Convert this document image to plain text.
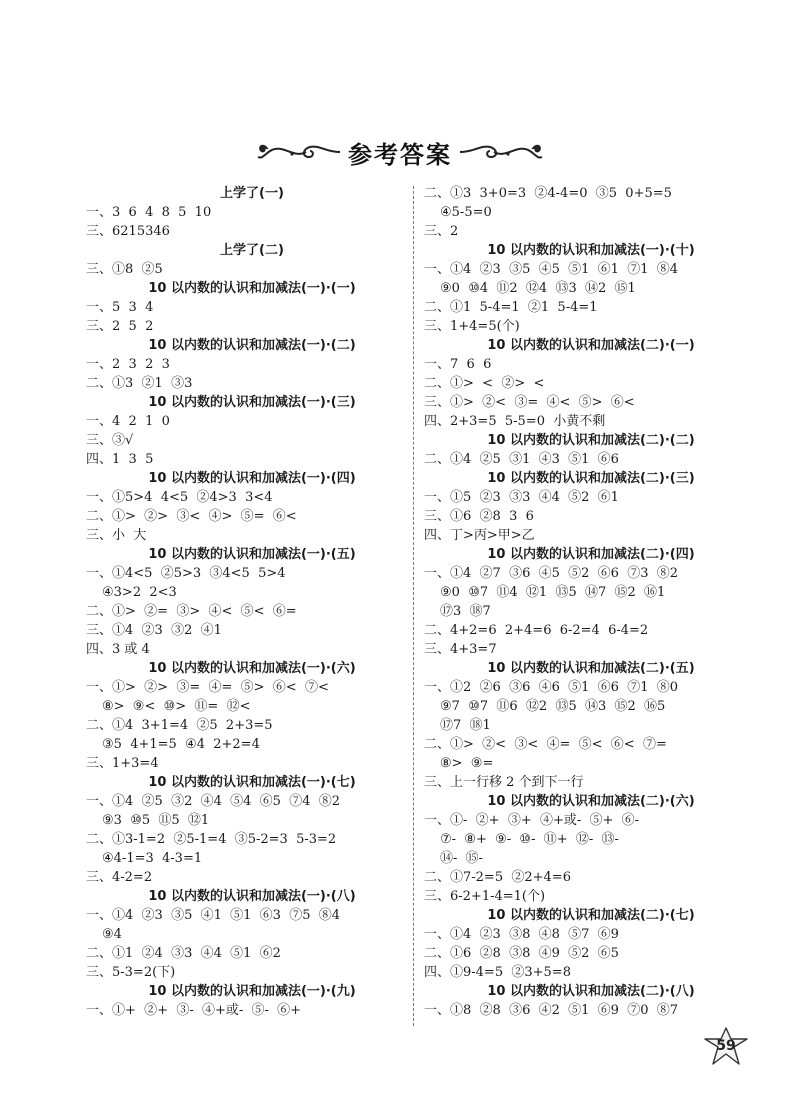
参考答案
上学了(一)
一、3  6  4  8  5  10
三、6215346
上学了(二)
三、①8  ②5
10 以内数的认识和加减法(一)·(一)
一、5  3  4
三、2  5  2
10 以内数的认识和加减法(一)·(二)
一、2  3  2  3
二、①3  ②1  ③3
10 以内数的认识和加减法(一)·(三)
一、4  2  1  0
三、③√
四、1  3  5
10 以内数的认识和加减法(一)·(四)
一、①5>4  4<5  ②4>3  3<4
二、①>  ②>  ③<  ④>  ⑤=  ⑥<
三、小  大
10 以内数的认识和加减法(一)·(五)
一、①4<5  ②5>3  ③4<5  5>4
④3>2  2<3
二、①>  ②=  ③>  ④<  ⑤<  ⑥=
三、①4  ②3  ③2  ④1
四、3 或 4
10 以内数的认识和加减法(一)·(六)
一、①>  ②>  ③=  ④=  ⑤>  ⑥<  ⑦<
⑧>  ⑨<  ⑩>  ⑪=  ⑫<
二、①4  3+1=4  ②5  2+3=5
③5  4+1=5  ④4  2+2=4
三、1+3=4
10 以内数的认识和加减法(一)·(七)
一、①4  ②5  ③2  ④4  ⑤4  ⑥5  ⑦4  ⑧2
⑨3  ⑩5  ⑪5  ⑫1
二、①3-1=2  ②5-1=4  ③5-2=3  5-3=2
④4-1=3  4-3=1
三、4-2=2
10 以内数的认识和加减法(一)·(八)
一、①4  ②3  ③5  ④1  ⑤1  ⑥3  ⑦5  ⑧4
⑨4
二、①1  ②4  ③3  ④4  ⑤1  ⑥2
三、5-3=2(下)
10 以内数的认识和加减法(一)·(九)
一、①+  ②+  ③-  ④+或-  ⑤-  ⑥+
二、①3  3+0=3  ②4-4=0  ③5  0+5=5
④5-5=0
三、2
10 以内数的认识和加减法(一)·(十)
一、①4  ②3  ③5  ④5  ⑤1  ⑥1  ⑦1  ⑧4
⑨0  ⑩4  ⑪2  ⑫4  ⑬3  ⑭2  ⑮1
二、①1  5-4=1  ②1  5-4=1
三、1+4=5(个)
10 以内数的认识和加减法(二)·(一)
一、7  6  6
二、①>  <  ②>  <
三、①>  ②<  ③=  ④<  ⑤>  ⑥<
四、2+3=5  5-5=0  小黄不剩
10 以内数的认识和加减法(二)·(二)
二、①4  ②5  ③1  ④3  ⑤1  ⑥6
10 以内数的认识和加减法(二)·(三)
一、①5  ②3  ③3  ④4  ⑤2  ⑥1
三、①6  ②8  3  6
四、丁>丙>甲>乙
10 以内数的认识和加减法(二)·(四)
一、①4  ②7  ③6  ④5  ⑤2  ⑥6  ⑦3  ⑧2
⑨0  ⑩7  ⑪4  ⑫1  ⑬5  ⑭7  ⑮2  ⑯1
⑰3  ⑱7
二、4+2=6  2+4=6  6-2=4  6-4=2
三、4+3=7
10 以内数的认识和加减法(二)·(五)
一、①2  ②6  ③6  ④6  ⑤1  ⑥6  ⑦1  ⑧0
⑨7  ⑩7  ⑪6  ⑫2  ⑬5  ⑭3  ⑮2  ⑯5
⑰7  ⑱1
二、①>  ②<  ③<  ④=  ⑤<  ⑥<  ⑦=
⑧>  ⑨=
三、上一行移 2 个到下一行
10 以内数的认识和加减法(二)·(六)
一、①-  ②+  ③+  ④+或-  ⑤+  ⑥-
⑦-  ⑧+  ⑨-  ⑩-  ⑪+  ⑫-  ⑬-
⑭-  ⑮-
二、①7-2=5  ②2+4=6
三、6-2+1-4=1(个)
10 以内数的认识和加减法(二)·(七)
一、①4  ②3  ③8  ④8  ⑤7  ⑥9
二、①6  ②8  ③8  ④9  ⑤2  ⑥5
四、①9-4=5  ②3+5=8
10 以内数的认识和加减法(二)·(八)
一、①8  ②8  ③6  ④2  ⑤1  ⑥9  ⑦0  ⑧7
59
